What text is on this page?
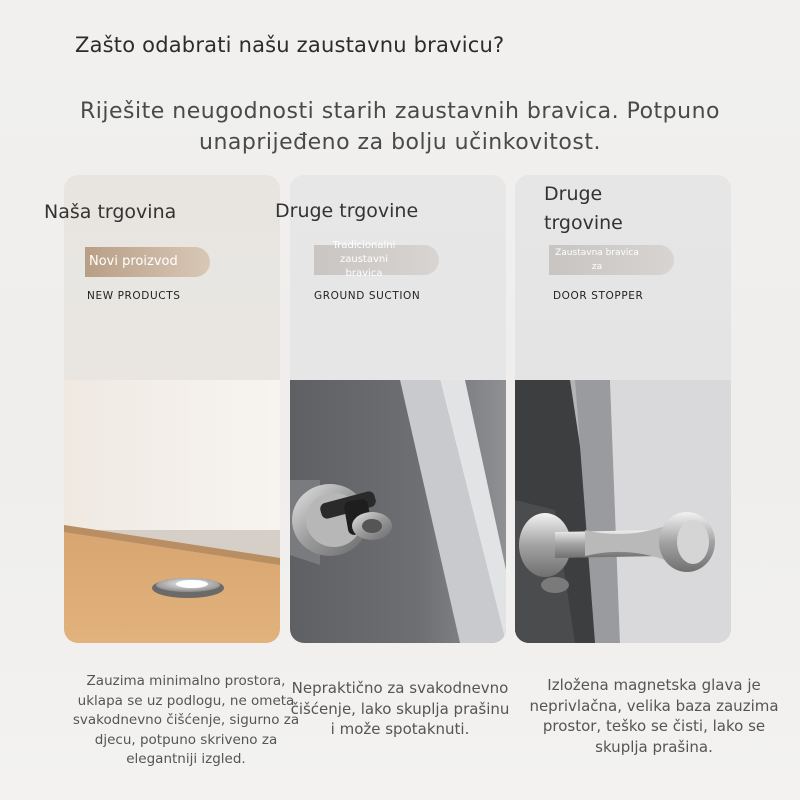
Zašto odabrati našu zaustavnu bravicu?
Riješite neugodnosti starih zaustavnih bravica. Potpuno unaprijeđeno za bolju učinkovitost.
Naša trgovina
Novi proizvod
NEW PRODUCTS
Druge trgovine
Tradicionalni zaustavni bravica
GROUND SUCTION
Druge trgovine
Zaustavna bravica za
DOOR STOPPER
Zauzima minimalno prostora, uklapa se uz podlogu, ne ometa svakodnevno čišćenje, sigurno za djecu, potpuno skriveno za elegantniji izgled.
Nepraktično za svakodnevno čišćenje, lako skuplja prašinu i može spotaknuti.
Izložena magnetska glava je neprivlačna, velika baza zauzima prostor, teško se čisti, lako se skuplja prašina.
